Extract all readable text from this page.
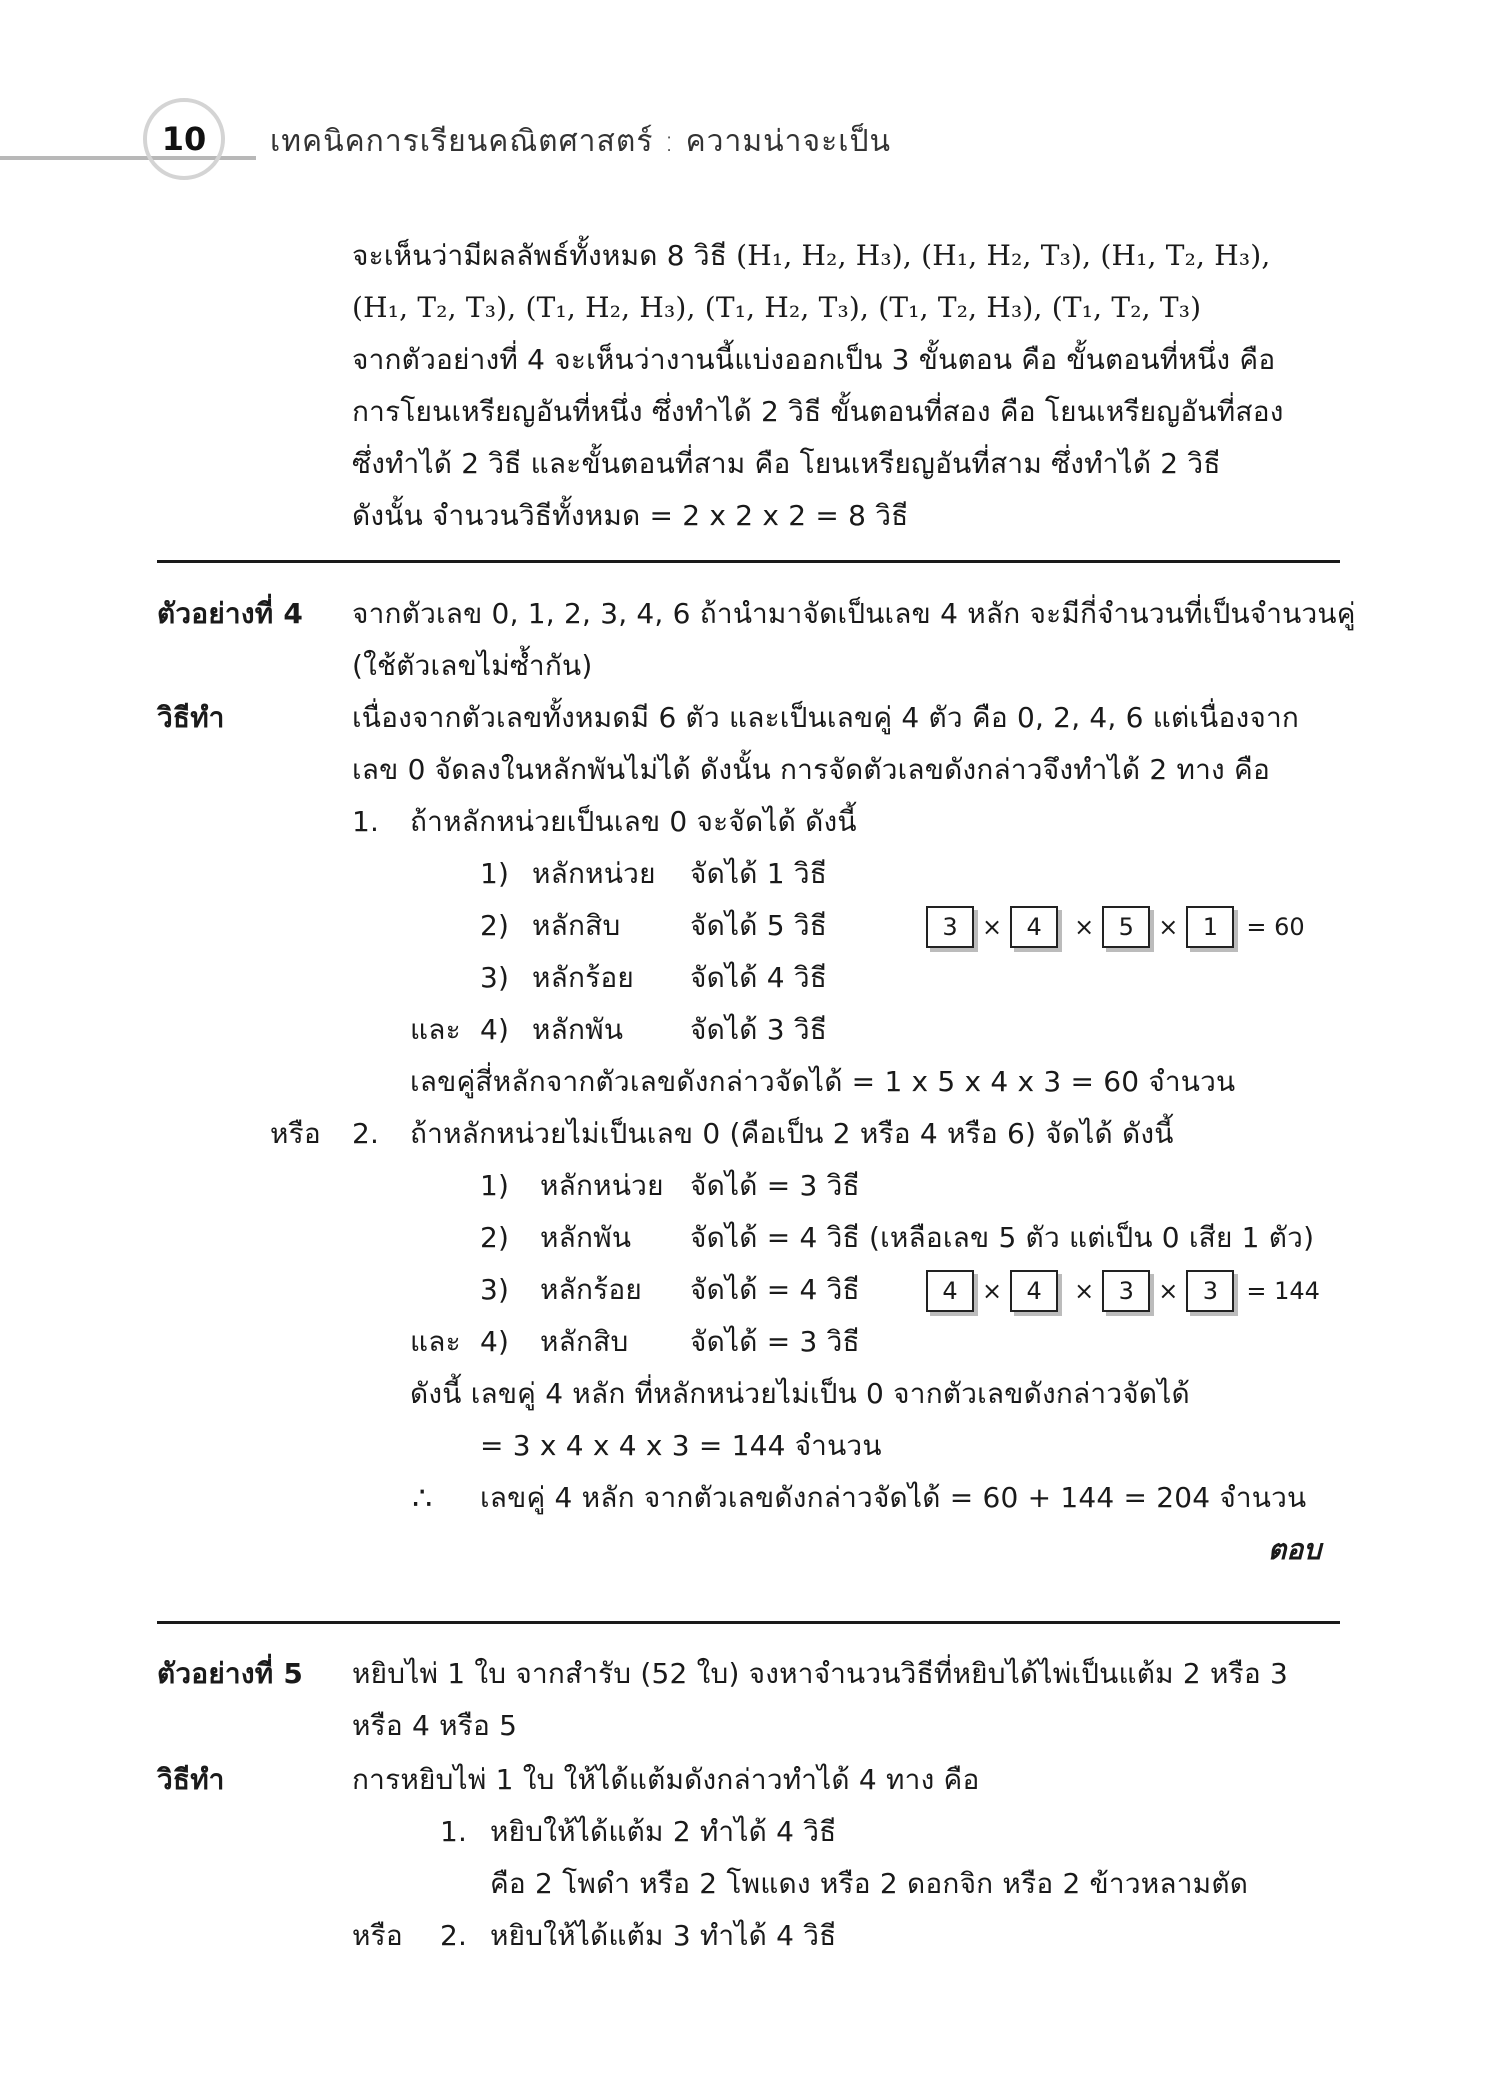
10	เทคนิคการเรียนคณิตศาสตร์ : ความน่าจะเป็น
จะเห็นว่ามีผลลัพธ์ทั้งหมด 8 วิธี (H₁, H₂, H₃), (H₁, H₂, T₃), (H₁, T₂, H₃),
(H₁, T₂, T₃), (T₁, H₂, H₃), (T₁, H₂, T₃), (T₁, T₂, H₃), (T₁, T₂, T₃)
จากตัวอย่างที่ 4 จะเห็นว่างานนี้แบ่งออกเป็น 3 ขั้นตอน คือ ขั้นตอนที่หนึ่ง คือ
การโยนเหรียญอันที่หนึ่ง ซึ่งทำได้ 2 วิธี ขั้นตอนที่สอง คือ โยนเหรียญอันที่สอง
ซึ่งทำได้ 2 วิธี และขั้นตอนที่สาม คือ โยนเหรียญอันที่สาม ซึ่งทำได้ 2 วิธี
ดังนั้น จำนวนวิธีทั้งหมด = 2 x 2 x 2 = 8 วิธี
ตัวอย่างที่ 4 จากตัวเลข 0, 1, 2, 3, 4, 6 ถ้านำมาจัดเป็นเลข 4 หลัก จะมีกี่จำนวนที่เป็นจำนวนคู่
(ใช้ตัวเลขไม่ซ้ำกัน)
วิธีทำ	เนื่องจากตัวเลขทั้งหมดมี 6 ตัว และเป็นเลขคู่ 4 ตัว คือ 0, 2, 4, 6 แต่เนื่องจาก
เลข 0 จัดลงในหลักพันไม่ได้ ดังนั้น การจัดตัวเลขดังกล่าวจึงทำได้ 2 ทาง คือ
1. ถ้าหลักหน่วยเป็นเลข 0 จะจัดได้ ดังนี้
1) หลักหน่วย จัดได้ 1 วิธี
2) หลักสิบ จัดได้ 5 วิธี	3 × 4 × 5 × 1 = 60
3) หลักร้อย จัดได้ 4 วิธี
และ 4) หลักพัน จัดได้ 3 วิธี
เลขคู่สี่หลักจากตัวเลขดังกล่าวจัดได้ = 1 x 5 x 4 x 3 = 60 จำนวน
หรือ 2. ถ้าหลักหน่วยไม่เป็นเลข 0 (คือเป็น 2 หรือ 4 หรือ 6) จัดได้ ดังนี้
1) หลักหน่วย จัดได้ = 3 วิธี
2) หลักพัน จัดได้ = 4 วิธี (เหลือเลข 5 ตัว แต่เป็น 0 เสีย 1 ตัว)
3) หลักร้อย จัดได้ = 4 วิธี	4 × 4 × 3 × 3 = 144
และ 4) หลักสิบ จัดได้ = 3 วิธี
ดังนี้ เลขคู่ 4 หลัก ที่หลักหน่วยไม่เป็น 0 จากตัวเลขดังกล่าวจัดได้
= 3 x 4 x 4 x 3 = 144 จำนวน
∴ เลขคู่ 4 หลัก จากตัวเลขดังกล่าวจัดได้ = 60 + 144 = 204 จำนวน
ตอบ
ตัวอย่างที่ 5 หยิบไพ่ 1 ใบ จากสำรับ (52 ใบ) จงหาจำนวนวิธีที่หยิบได้ไพ่เป็นแต้ม 2 หรือ 3
หรือ 4 หรือ 5
วิธีทำ	การหยิบไพ่ 1 ใบ ให้ได้แต้มดังกล่าวทำได้ 4 ทาง คือ
1. หยิบให้ได้แต้ม 2 ทำได้ 4 วิธี
คือ 2 โพดำ หรือ 2 โพแดง หรือ 2 ดอกจิก หรือ 2 ข้าวหลามตัด
หรือ 2. หยิบให้ได้แต้ม 3 ทำได้ 4 วิธี
